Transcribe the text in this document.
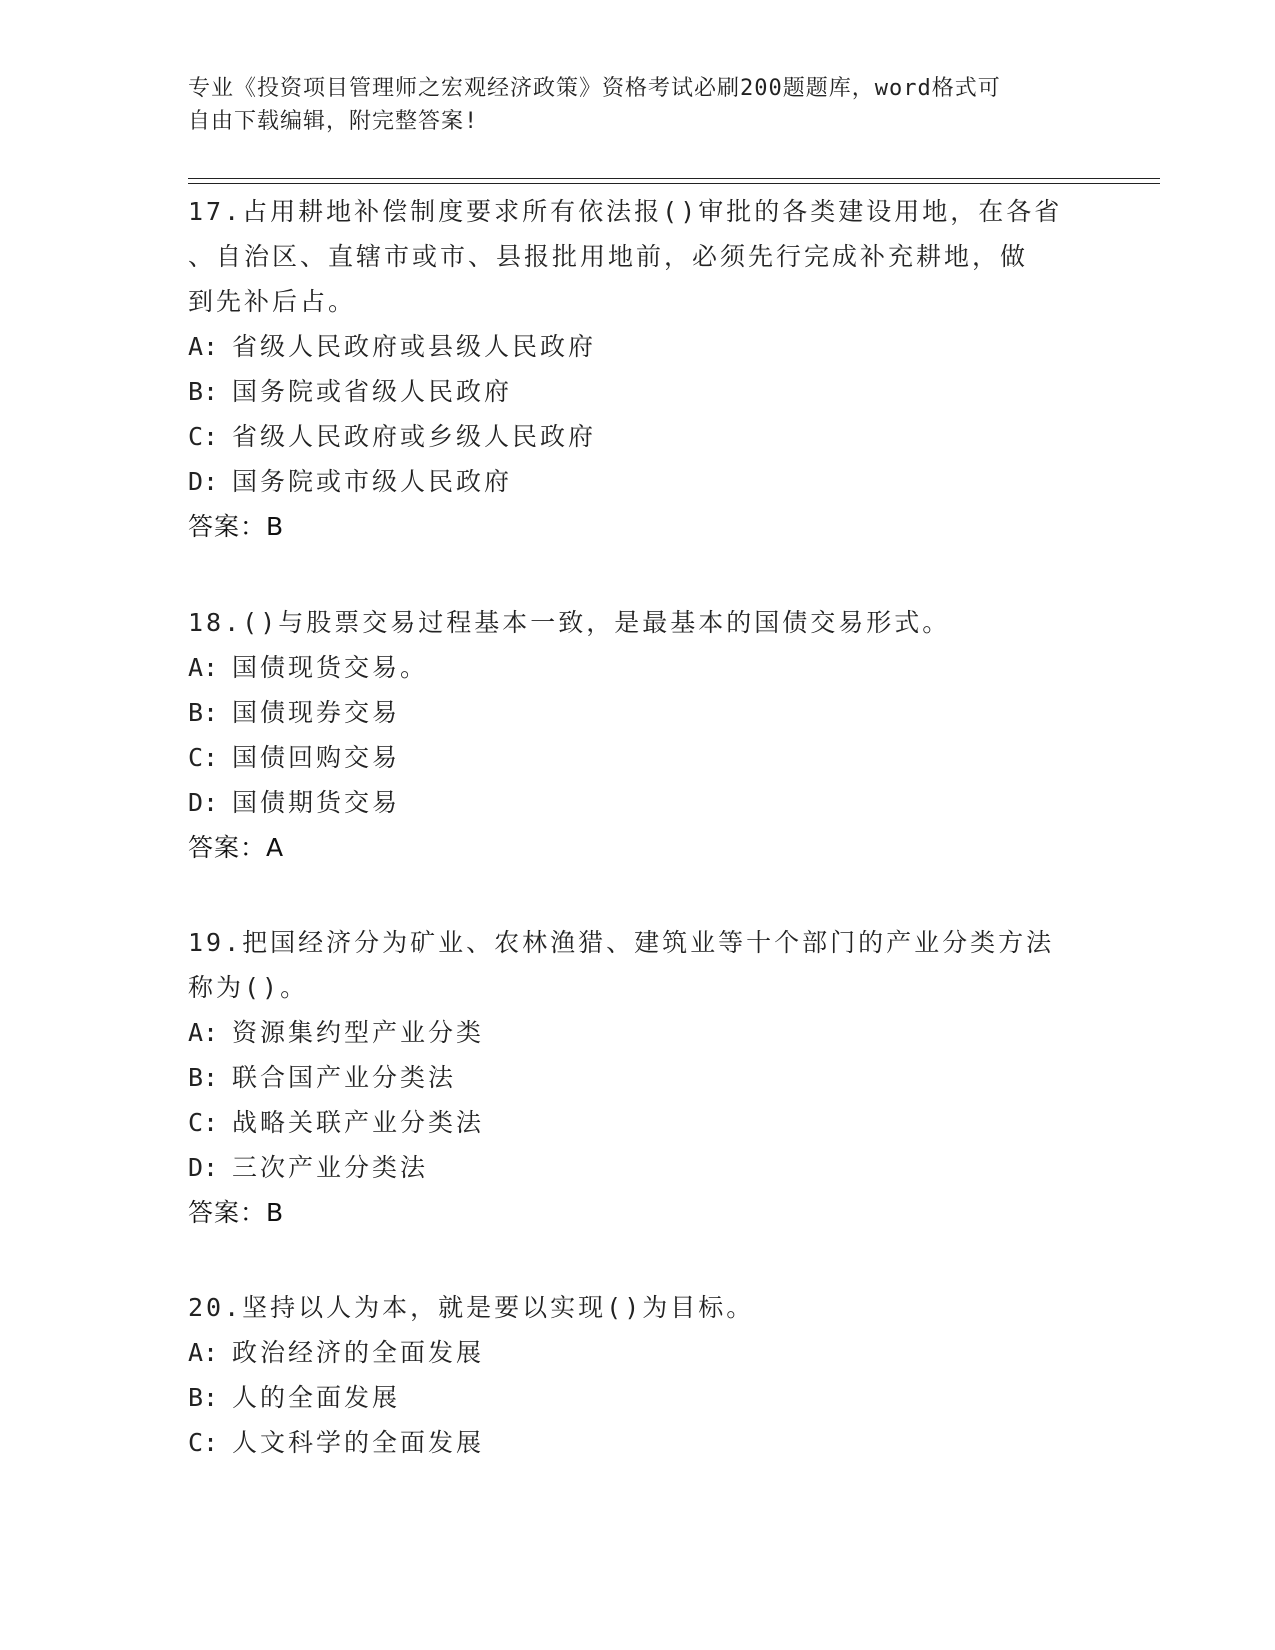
专业《投资项目管理师之宏观经济政策》资格考试必刷200题题库，word格式可
自由下载编辑，附完整答案!

17.占用耕地补偿制度要求所有依法报()审批的各类建设用地，在各省

、自治区、直辖市或市、县报批用地前，必须先行完成补充耕地，做

到先补后占。

A: 省级人民政府或县级人民政府

B: 国务院或省级人民政府

C: 省级人民政府或乡级人民政府

D: 国务院或市级人民政府

答案：B

18.()与股票交易过程基本一致，是最基本的国债交易形式。

A: 国债现货交易。

B: 国债现券交易

C: 国债回购交易

D: 国债期货交易

答案：A

19.把国经济分为矿业、农林渔猎、建筑业等十个部门的产业分类方法

称为()。

A: 资源集约型产业分类

B: 联合国产业分类法

C: 战略关联产业分类法

D: 三次产业分类法

答案：B

20.坚持以人为本，就是要以实现()为目标。

A: 政治经济的全面发展

B: 人的全面发展

C: 人文科学的全面发展
